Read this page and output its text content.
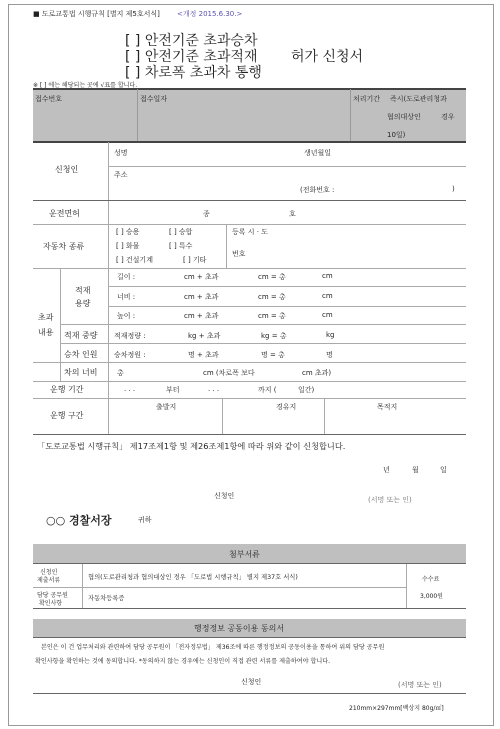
■ 도로교통법 시행규칙 [별지 제5호서식] <개정 2015.6.30.>
[ ] 안전기준 초과승차
[ ] 안전기준 초과적재
[ ] 차로폭 초과차 통행
허가 신청서
※ [ ] 에는 해당되는 곳에 √표를 합니다.
접수번호	접수일자	처리기간 즉시(도로관리청과
협의대상인	경우
10일)
신청인
성명	생년월일
주소
(전화번호 :	)
운전면허	종	호
자동차 종류
[ ] 승용	[ ] 승합
[ ] 화물	[ ] 특수
[ ] 건설기계	[ ] 기타
등록 시 · 도
번호
초과
내용
적재
용량
길이 :	cm + 초과	cm = 총	cm
너비 :	cm + 초과	cm = 총	cm
높이 :	cm + 초과	cm = 총	cm
적재 중량 적재정량 :	kg + 초과	kg = 총	kg
승차 인원 승차정원 :	명 + 초과	명 = 총	명
차의 너비	총	cm (차로폭 보다	cm 초과)
운행 기간	. . .	부터	. . .	까지 (	일간)
운행 구간
출발지	경유지	목적지
「도로교통법 시행규칙」 제17조제1항 및 제26조제1항에 따라 위와 같이 신청합니다.
년	월	일
신청인	(서명 또는 인)
○○ 경찰서장	귀하
첨부서류
신청인
제출서류	협의(도로관리청과 협의대상인 경우 「도로법 시행규칙」 별지 제37호 서식)	수수료
담당 공무원
확인사항
자동차등록증	3,000원
행정정보 공동이용 동의서
본인은 이 건 업무처리와 관련하여 담당 공무원이 「전자정부법」 제36조에 따른 행정정보의 공동이용을 통하여 위의 담당 공무원
확인사항을 확인하는 것에 동의합니다. *동의하지 않는 경우에는 신청인이 직접 관련 서류를 제출하여야 합니다.
신청인	(서명 또는 인)
210mm×297mm[백상지 80g/㎡]
